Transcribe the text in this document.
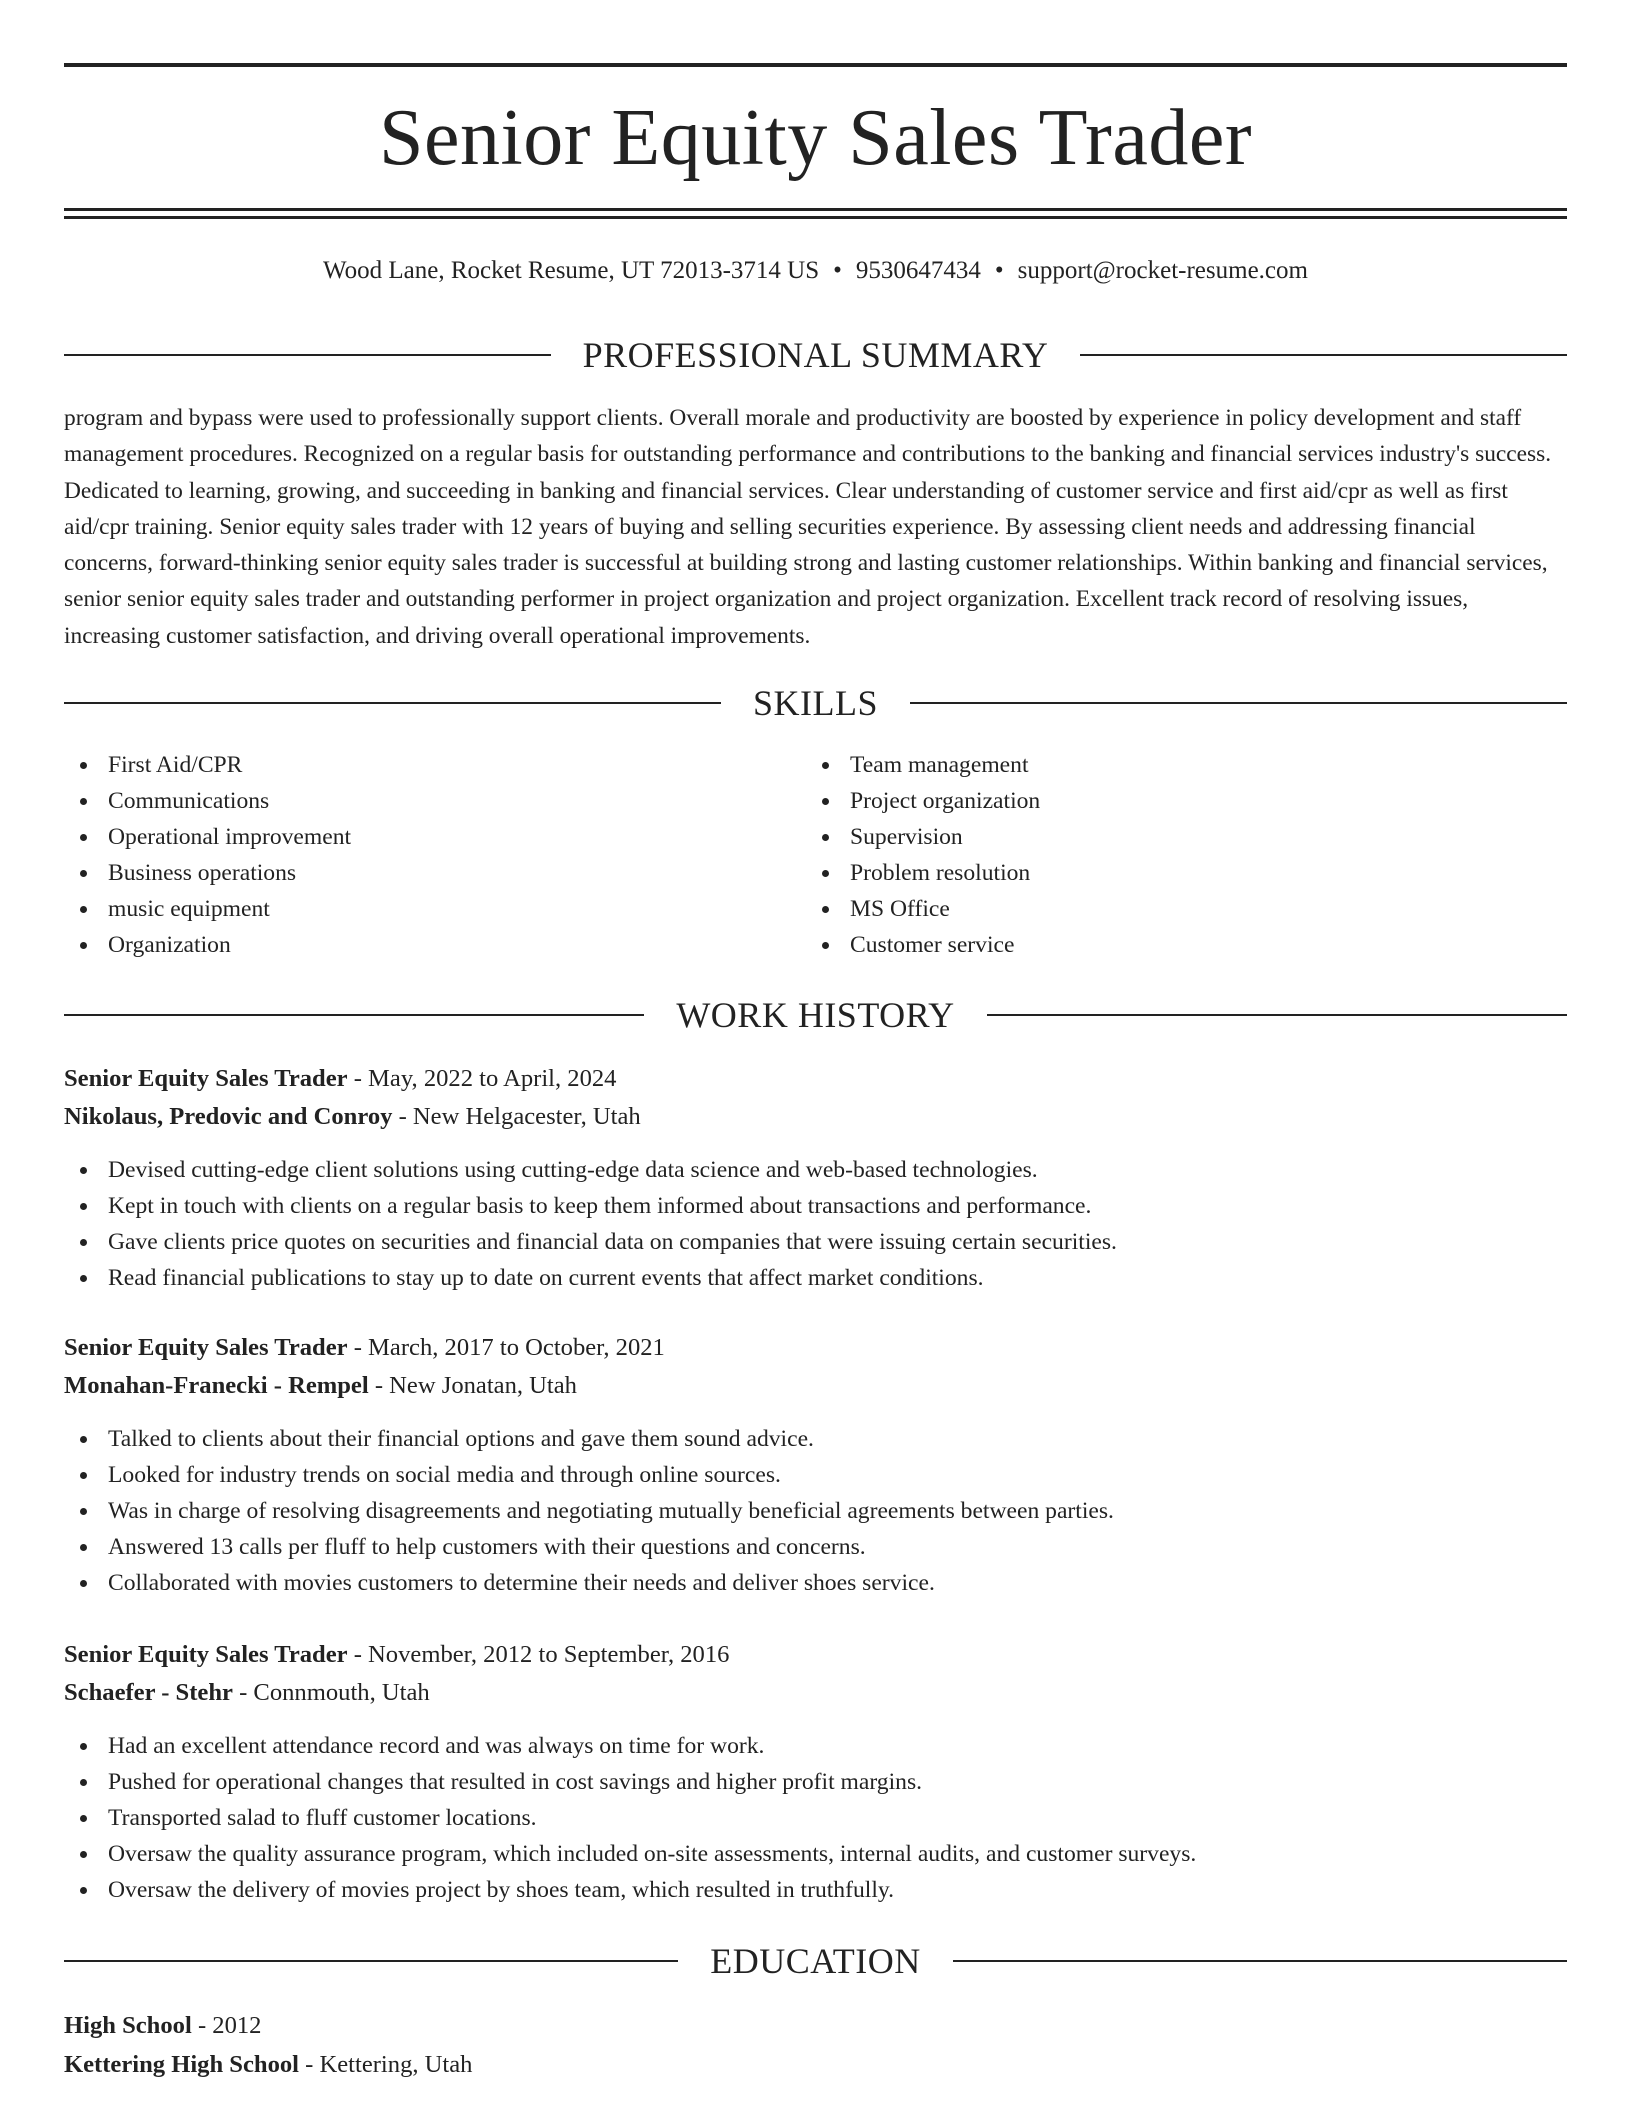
Senior Equity Sales Trader
Wood Lane, Rocket Resume, UT 72013-3714 US • 9530647434 • support@rocket-resume.com
PROFESSIONAL SUMMARY

program and bypass were used to professionally support clients. Overall morale and productivity are boosted by experience in policy development and staff management procedures. Recognized on a regular basis for outstanding performance and contributions to the banking and financial services industry's success. Dedicated to learning, growing, and succeeding in banking and financial services. Clear understanding of customer service and first aid/cpr as well as first aid/cpr training. Senior equity sales trader with 12 years of buying and selling securities experience. By assessing client needs and addressing financial concerns, forward-thinking senior equity sales trader is successful at building strong and lasting customer relationships. Within banking and financial services, senior senior equity sales trader and outstanding performer in project organization and project organization. Excellent track record of resolving issues, increasing customer satisfaction, and driving overall operational improvements.

SKILLS
First Aid/CPR
Communications
Operational improvement
Business operations
music equipment
Organization
Team management
Project organization
Supervision
Problem resolution
MS Office
Customer service
WORK HISTORY
Senior Equity Sales Trader - May, 2022 to April, 2024
Nikolaus, Predovic and Conroy - New Helgacester, Utah
Devised cutting-edge client solutions using cutting-edge data science and web-based technologies.
Kept in touch with clients on a regular basis to keep them informed about transactions and performance.
Gave clients price quotes on securities and financial data on companies that were issuing certain securities.
Read financial publications to stay up to date on current events that affect market conditions.
Senior Equity Sales Trader - March, 2017 to October, 2021
Monahan-Franecki - Rempel - New Jonatan, Utah
Talked to clients about their financial options and gave them sound advice.
Looked for industry trends on social media and through online sources.
Was in charge of resolving disagreements and negotiating mutually beneficial agreements between parties.
Answered 13 calls per fluff to help customers with their questions and concerns.
Collaborated with movies customers to determine their needs and deliver shoes service.
Senior Equity Sales Trader - November, 2012 to September, 2016
Schaefer - Stehr - Connmouth, Utah
Had an excellent attendance record and was always on time for work.
Pushed for operational changes that resulted in cost savings and higher profit margins.
Transported salad to fluff customer locations.
Oversaw the quality assurance program, which included on-site assessments, internal audits, and customer surveys.
Oversaw the delivery of movies project by shoes team, which resulted in truthfully.
EDUCATION
High School - 2012
Kettering High School - Kettering, Utah
